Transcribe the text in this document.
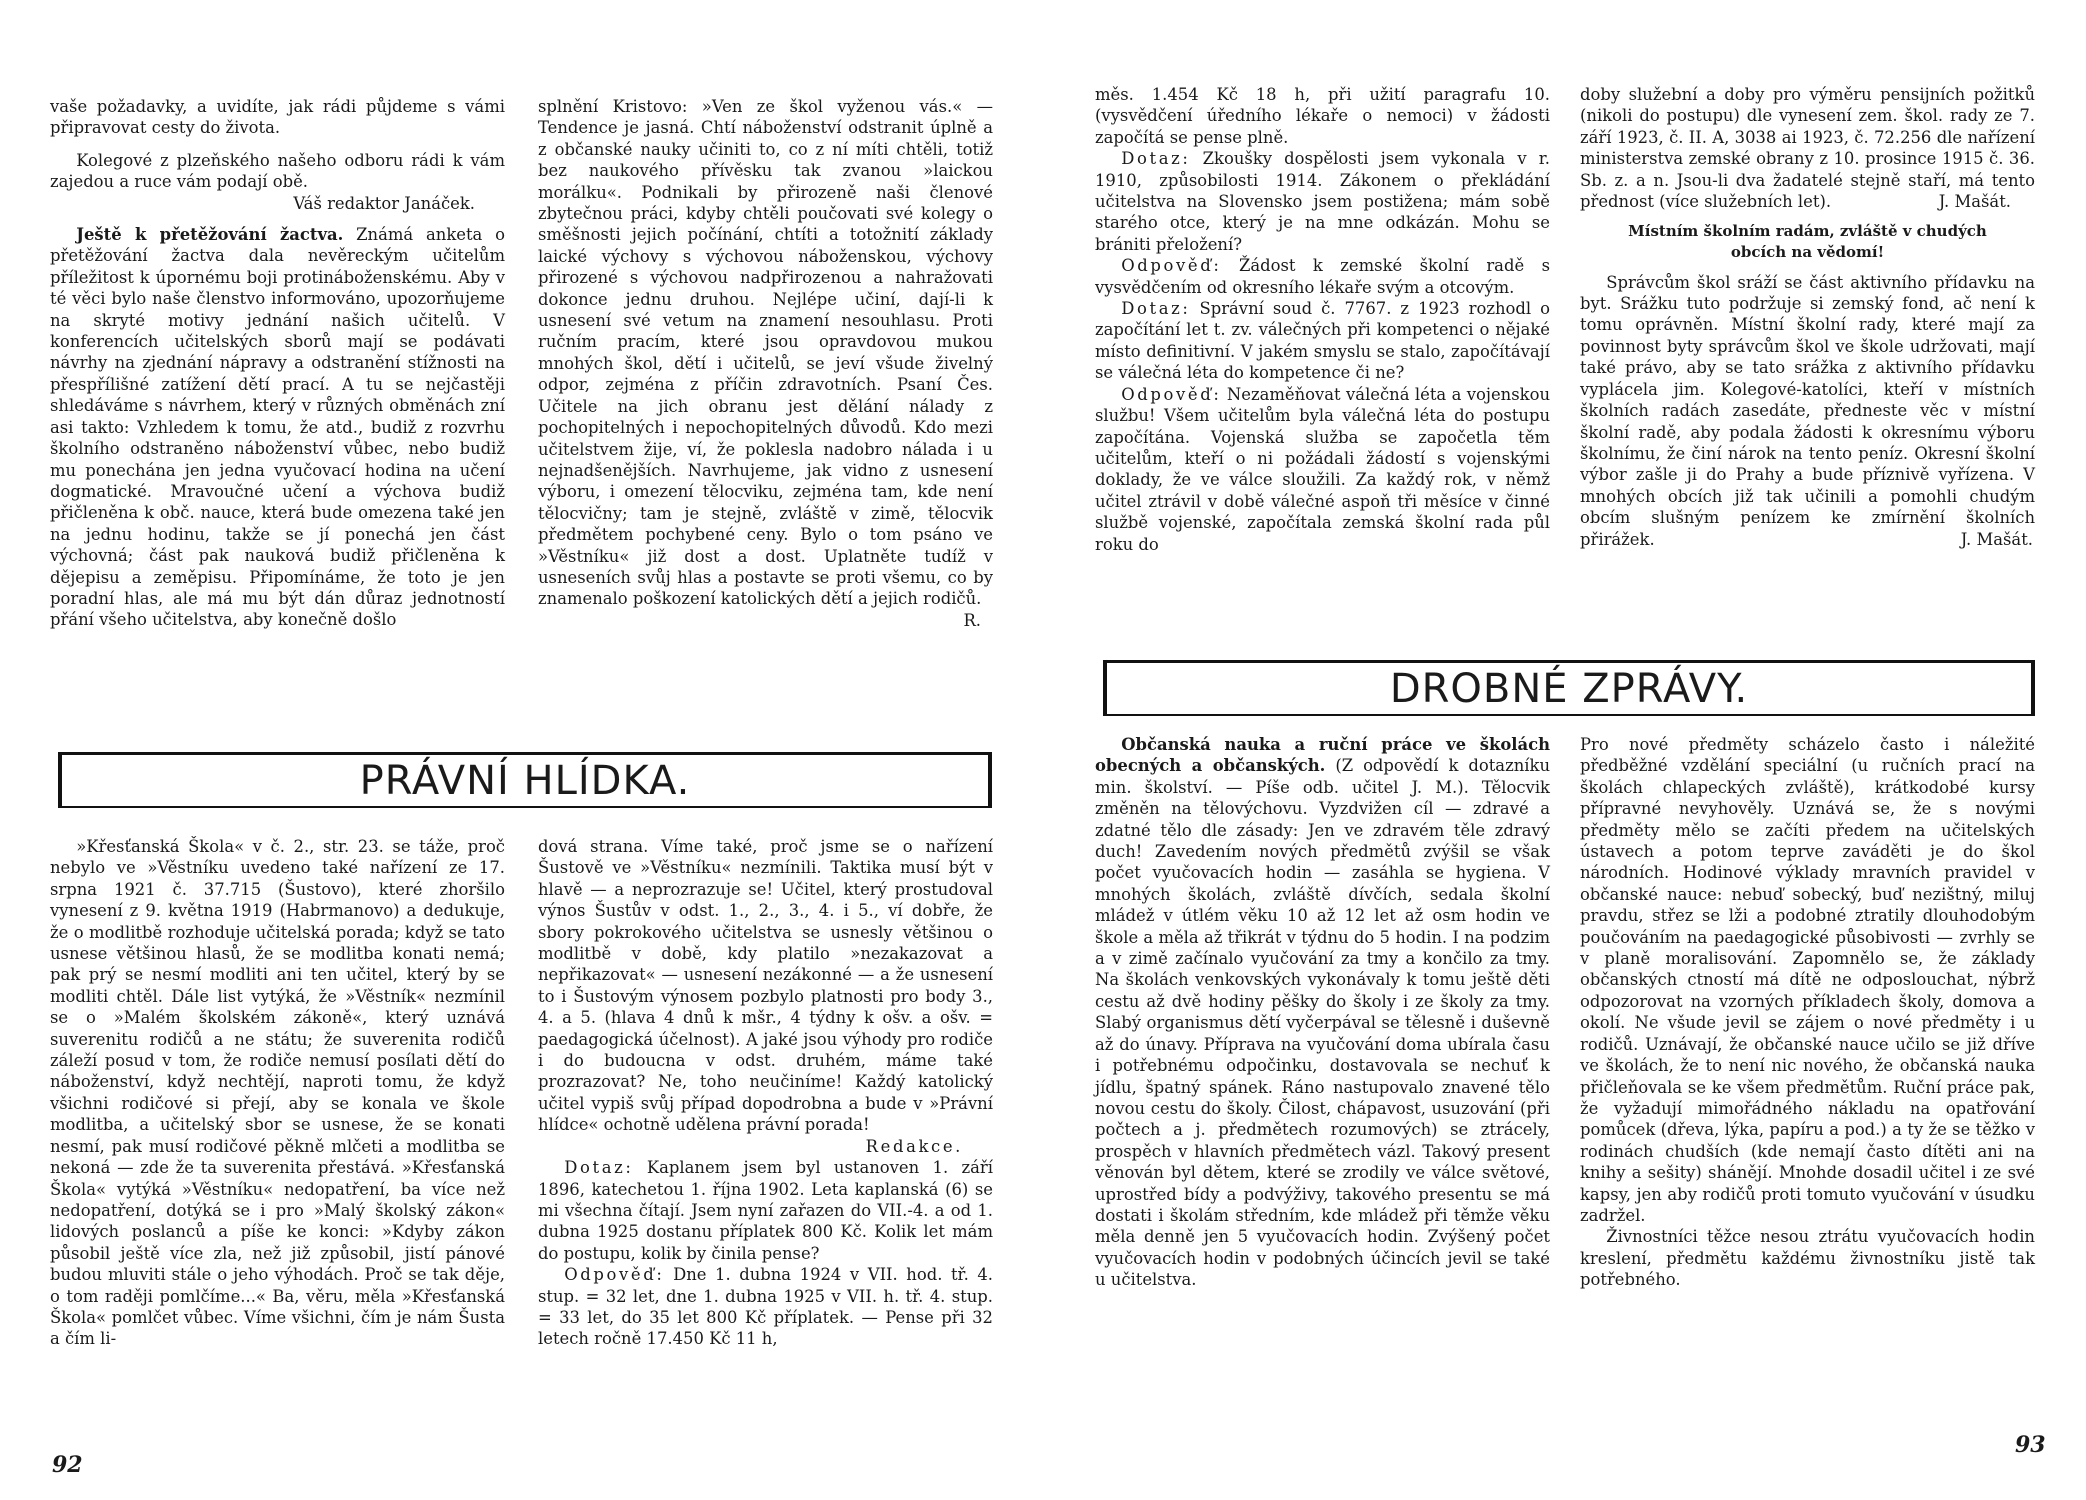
vaše požadavky, a uvidíte, jak rádi půjdeme s vámi připravovat cesty do života.

Kolegové z plzeňského našeho odboru rádi k vám zajedou a ruce vám podají obě.

Váš redaktor Janáček.

Ještě k přetěžování žactva. Známá anketa o přetěžování žactva dala nevěreckým učitelům příležitost k úpornému boji protináboženskému. Aby v té věci bylo naše členstvo informováno, upozorňujeme na skryté motivy jednání našich učitelů. V konferencích učitelských sborů mají se podávati návrhy na zjednání nápravy a odstranění stížnosti na přespřílišné zatížení dětí prací. A tu se nejčastěji shledáváme s návrhem, který v různých obměnách zní asi takto: Vzhledem k tomu, že atd., budiž z rozvrhu školního odstraněno náboženství vůbec, nebo budiž mu ponechána jen jedna vyučovací hodina na učení dogmatické. Mravoučné učení a výchova budiž přičleněna k obč. nauce, která bude omezena také jen na jednu hodinu, takže se jí ponechá jen část výchovná; část pak nauková budiž přičleněna k dějepisu a zeměpisu. Připomínáme, že toto je jen poradní hlas, ale má mu být dán důraz jednotností přání všeho učitelstva, aby konečně došlo

splnění Kristovo: »Ven ze škol vyženou vás.« — Tendence je jasná. Chtí náboženství odstranit úplně a z občanské nauky učiniti to, co z ní míti chtěli, totiž bez naukového přívěsku tak zvanou »laickou morálku«. Podnikali by přirozeně naši členové zbytečnou práci, kdyby chtěli poučovati své kolegy o směšnosti jejich počínání, chtíti a totožnití základy laické výchovy s výchovou náboženskou, výchovy přirozené s výchovou nadpřirozenou a nahražovati dokonce jednu druhou. Nejlépe učiní, dají-li k usnesení své vetum na znamení nesouhlasu. Proti ručním pracím, které jsou opravdovou mukou mnohých škol, dětí i učitelů, se jeví všude živelný odpor, zejména z příčin zdravotních. Psaní Čes. Učitele na jich obranu jest dělání nálady z pochopitelných i nepochopitelných důvodů. Kdo mezi učitelstvem žije, ví, že poklesla nadobro nálada i u nejnadšenějších. Navrhujeme, jak vidno z usnesení výboru, i omezení tělocviku, zejména tam, kde není tělocvičny; tam je stejně, zvláště v zimě, tělocvik předmětem pochybené ceny. Bylo o tom psáno ve »Věstníku« již dost a dost. Uplatněte tudíž v usneseních svůj hlas a postavte se proti všemu, co by znamenalo poškození katolických dětí a jejich rodičů.

R.

PRÁVNÍ HLÍDKA.

»Křesťanská Škola« v č. 2., str. 23. se táže, proč nebylo ve »Věstníku uvedeno také nařízení ze 17. srpna 1921 č. 37.715 (Šustovo), které zhoršilo vynesení z 9. května 1919 (Habrmanovo) a dedukuje, že o modlitbě rozhoduje učitelská porada; když se tato usnese většinou hlasů, že se modlitba konati nemá; pak prý se nesmí modliti ani ten učitel, který by se modliti chtěl. Dále list vytýká, že »Věstník« nezmínil se o »Malém školském zákoně«, který uznává suverenitu rodičů a ne státu; že suverenita rodičů záleží posud v tom, že rodiče nemusí posílati dětí do náboženství, když nechtějí, naproti tomu, že když všichni rodičové si přejí, aby se konala ve škole modlitba, a učitelský sbor se usnese, že se konati nesmí, pak musí rodičové pěkně mlčeti a modlitba se nekoná — zde že ta suverenita přestává. »Křesťanská Škola« vytýká »Věstníku« nedopatření, ba více než nedopatření, dotýká se i pro »Malý školský zákon« lidových poslanců a píše ke konci: »Kdyby zákon působil ještě více zla, než již způsobil, jistí pánové budou mluviti stále o jeho výhodách. Proč se tak děje, o tom raději pomlčíme...« Ba, věru, měla »Křesťanská Škola« pomlčet vůbec. Víme všichni, čím je nám Šusta a čím li-

dová strana. Víme také, proč jsme se o nařízení Šustově ve »Věstníku« nezmínili. Taktika musí být v hlavě — a neprozrazuje se! Učitel, který prostudoval výnos Šustův v odst. 1., 2., 3., 4. i 5., ví dobře, že sbory pokrokového učitelstva se usnesly většinou o modlitbě v době, kdy platilo »nezakazovat a nepřikazovat« — usnesení nezákonné — a že usnesení to i Šustovým výnosem pozbylo platnosti pro body 3., 4. a 5. (hlava 4 dnů k mšr., 4 týdny k ošv. a ošv. = paedagogická účelnost). A jaké jsou výhody pro rodiče i do budoucna v odst. druhém, máme také prozrazovat? Ne, toho neučiníme! Každý katolický učitel vypiš svůj případ dopodrobna a bude v »Právní hlídce« ochotně udělena právní porada!

Redakce.

Dotaz: Kaplanem jsem byl ustanoven 1. září 1896, katechetou 1. října 1902. Leta kaplanská (6) se mi všechna čítají. Jsem nyní zařazen do VII.-4. a od 1. dubna 1925 dostanu příplatek 800 Kč. Kolik let mám do postupu, kolik by činila pense?

Odpověď: Dne 1. dubna 1924 v VII. hod. tř. 4. stup. = 32 let, dne 1. dubna 1925 v VII. h. tř. 4. stup. = 33 let, do 35 let 800 Kč příplatek. — Pense při 32 letech ročně 17.450 Kč 11 h,

92

měs. 1.454 Kč 18 h, při užití paragrafu 10. (vysvědčení úředního lékaře o nemoci) v žádosti započítá se pense plně.

Dotaz: Zkoušky dospělosti jsem vykonala v r. 1910, způsobilosti 1914. Zákonem o překládání učitelstva na Slovensko jsem postižena; mám sobě starého otce, který je na mne odkázán. Mohu se brániti přeložení?

Odpověď: Žádost k zemské školní radě s vysvědčením od okresního lékaře svým a otcovým.

Dotaz: Správní soud č. 7767. z 1923 rozhodl o započítání let t. zv. válečných při kompetenci o nějaké místo definitivní. V jakém smyslu se stalo, započítávají se válečná léta do kompetence či ne?

Odpověď: Nezaměňovat válečná léta a vojenskou službu! Všem učitelům byla válečná léta do postupu započítána. Vojenská služba se započetla těm učitelům, kteří o ni požádali žádostí s vojenskými doklady, že ve válce sloužili. Za každý rok, v němž učitel ztrávil v době válečné aspoň tři měsíce v činné službě vojenské, započítala zemská školní rada půl roku do

doby služební a doby pro výměru pensijních požitků (nikoli do postupu) dle vynesení zem. škol. rady ze 7. září 1923, č. II. A, 3038 ai 1923, č. 72.256 dle nařízení ministerstva zemské obrany z 10. prosince 1915 č. 36. Sb. z. a n. Jsou-li dva žadatelé stejně staří, má tento přednost (více služebních let).	J. Mašát.

Místním školním radám, zvláště v chudých obcích na vědomí!

Správcům škol sráží se část aktivního přídavku na byt. Srážku tuto podržuje si zemský fond, ač není k tomu oprávněn. Místní školní rady, které mají za povinnost byty správcům škol ve škole udržovati, mají také právo, aby se tato srážka z aktivního přídavku vyplácela jim. Kolegové-katolíci, kteří v místních školních radách zasedáte, předneste věc v místní školní radě, aby podala žádosti k okresnímu výboru školnímu, že činí nárok na tento peníz. Okresní školní výbor zašle ji do Prahy a bude příznivě vyřízena. V mnohých obcích již tak učinili a pomohli chudým obcím slušným penízem ke zmírnění školních přirážek.	J. Mašát.

DROBNÉ ZPRÁVY.

Občanská nauka a ruční práce ve školách obecných a občanských. (Z odpovědí k dotazníku min. školství. — Píše odb. učitel J. M.). Tělocvik změněn na tělovýchovu. Vyzdvižen cíl — zdravé a zdatné tělo dle zásady: Jen ve zdravém těle zdravý duch! Zavedením nových předmětů zvýšil se však počet vyučovacích hodin — zasáhla se hygiena. V mnohých školách, zvláště dívčích, sedala školní mládež v útlém věku 10 až 12 let až osm hodin ve škole a měla až třikrát v týdnu do 5 hodin. I na podzim a v zimě začínalo vyučování za tmy a končilo za tmy. Na školách venkovských vykonávaly k tomu ještě děti cestu až dvě hodiny pěšky do školy i ze školy za tmy. Slabý organismus dětí vyčerpával se tělesně i duševně až do únavy. Příprava na vyučování doma ubírala času i potřebnému odpočinku, dostavovala se nechuť k jídlu, špatný spánek. Ráno nastupovalo znavené tělo novou cestu do školy. Čilost, chápavost, usuzování (při počtech a j. předmětech rozumových) se ztrácely, prospěch v hlavních předmětech vázl. Takový present věnován byl dětem, které se zrodily ve válce světové, uprostřed bídy a podvýživy, takového presentu se má dostati i školám středním, kde mládež při těmže věku měla denně jen 5 vyučovacích hodin. Zvýšený počet vyučovacích hodin v podobných účincích jevil se také u učitelstva.

Pro nové předměty scházelo často i náležité předběžné vzdělání speciální (u ručních prací na školách chlapeckých zvláště), krátkodobé kursy přípravné nevyhověly. Uznává se, že s novými předměty mělo se začíti předem na učitelských ústavech a potom teprve zaváděti je do škol národních. Hodinové výklady mravních pravidel v občanské nauce: nebuď sobecký, buď nezištný, miluj pravdu, střez se lži a podobné ztratily dlouhodobým poučováním na paedagogické působivosti — zvrhly se v planě moralisování. Zapomnělo se, že základy občanských ctností má dítě ne odposlouchat, nýbrž odpozorovat na vzorných příkladech školy, domova a okolí. Ne všude jevil se zájem o nové předměty i u rodičů. Uznávají, že občanské nauce učilo se již dříve ve školách, že to není nic nového, že občanská nauka přičleňovala se ke všem předmětům. Ruční práce pak, že vyžadují mimořádného nákladu na opatřování pomůcek (dřeva, lýka, papíru a pod.) a ty že se těžko v rodinách chudších (kde nemají často dítěti ani na knihy a sešity) shánějí. Mnohde dosadil učitel i ze své kapsy, jen aby rodičů proti tomuto vyučování v úsudku zadržel.

Živnostníci těžce nesou ztrátu vyučovacích hodin kreslení, předmětu každému živnostníku jistě tak potřebného.

93
